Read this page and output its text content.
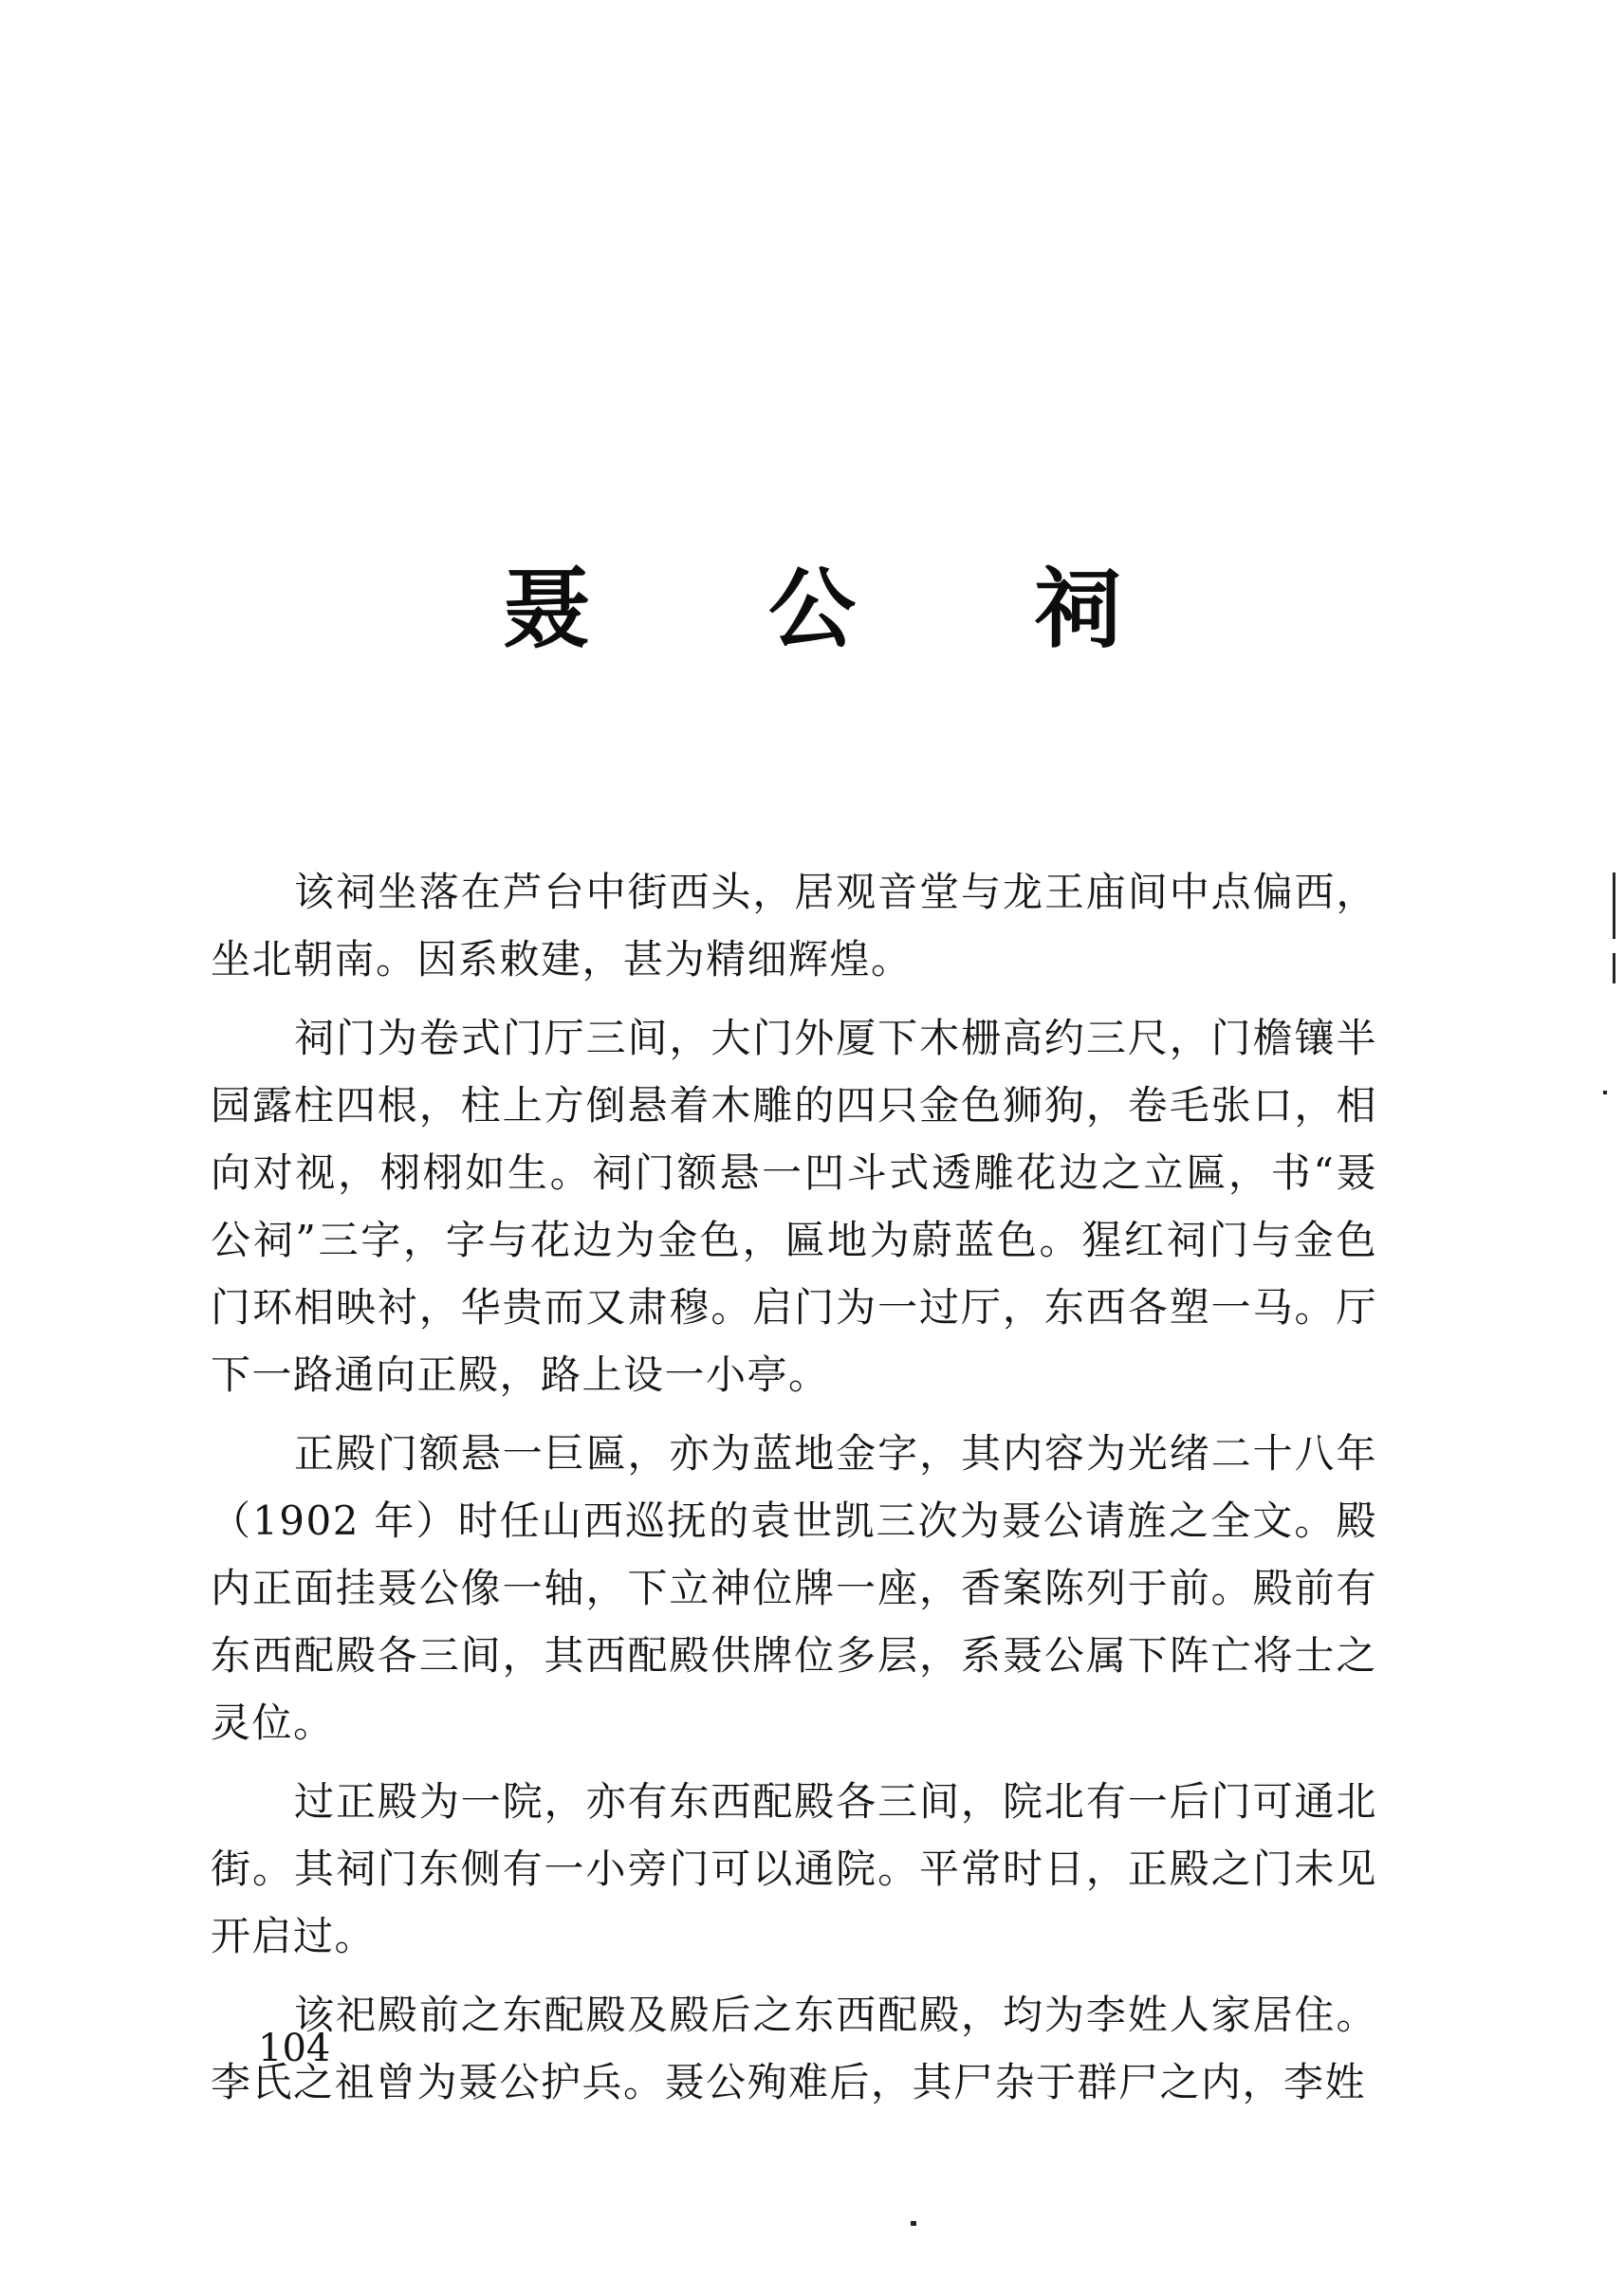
聂 公 祠

该祠坐落在芦台中街西头，居观音堂与龙王庙间中点偏西，坐北朝南。因系敕建，甚为精细辉煌。

祠门为卷式门厅三间，大门外厦下木栅高约三尺，门檐镶半园露柱四根，柱上方倒悬着木雕的四只金色狮狗，卷毛张口，相向对视，栩栩如生。祠门额悬一凹斗式透雕花边之立匾，书“聂公祠”三字，字与花边为金色，匾地为蔚蓝色。猩红祠门与金色门环相映衬，华贵而又肃穆。启门为一过厅，东西各塑一马。厅下一路通向正殿，路上设一小亭。

正殿门额悬一巨匾，亦为蓝地金字，其内容为光绪二十八年（1902 年）时任山西巡抚的袁世凯三次为聂公请旌之全文。殿内正面挂聂公像一轴，下立神位牌一座，香案陈列于前。殿前有东西配殿各三间，其西配殿供牌位多层，系聂公属下阵亡将士之灵位。

过正殿为一院，亦有东西配殿各三间，院北有一后门可通北街。其祠门东侧有一小旁门可以通院。平常时日，正殿之门未见开启过。

该祀殿前之东配殿及殿后之东西配殿，均为李姓人家居住。李氏之祖曾为聂公护兵。聂公殉难后，其尸杂于群尸之内，李姓

104
